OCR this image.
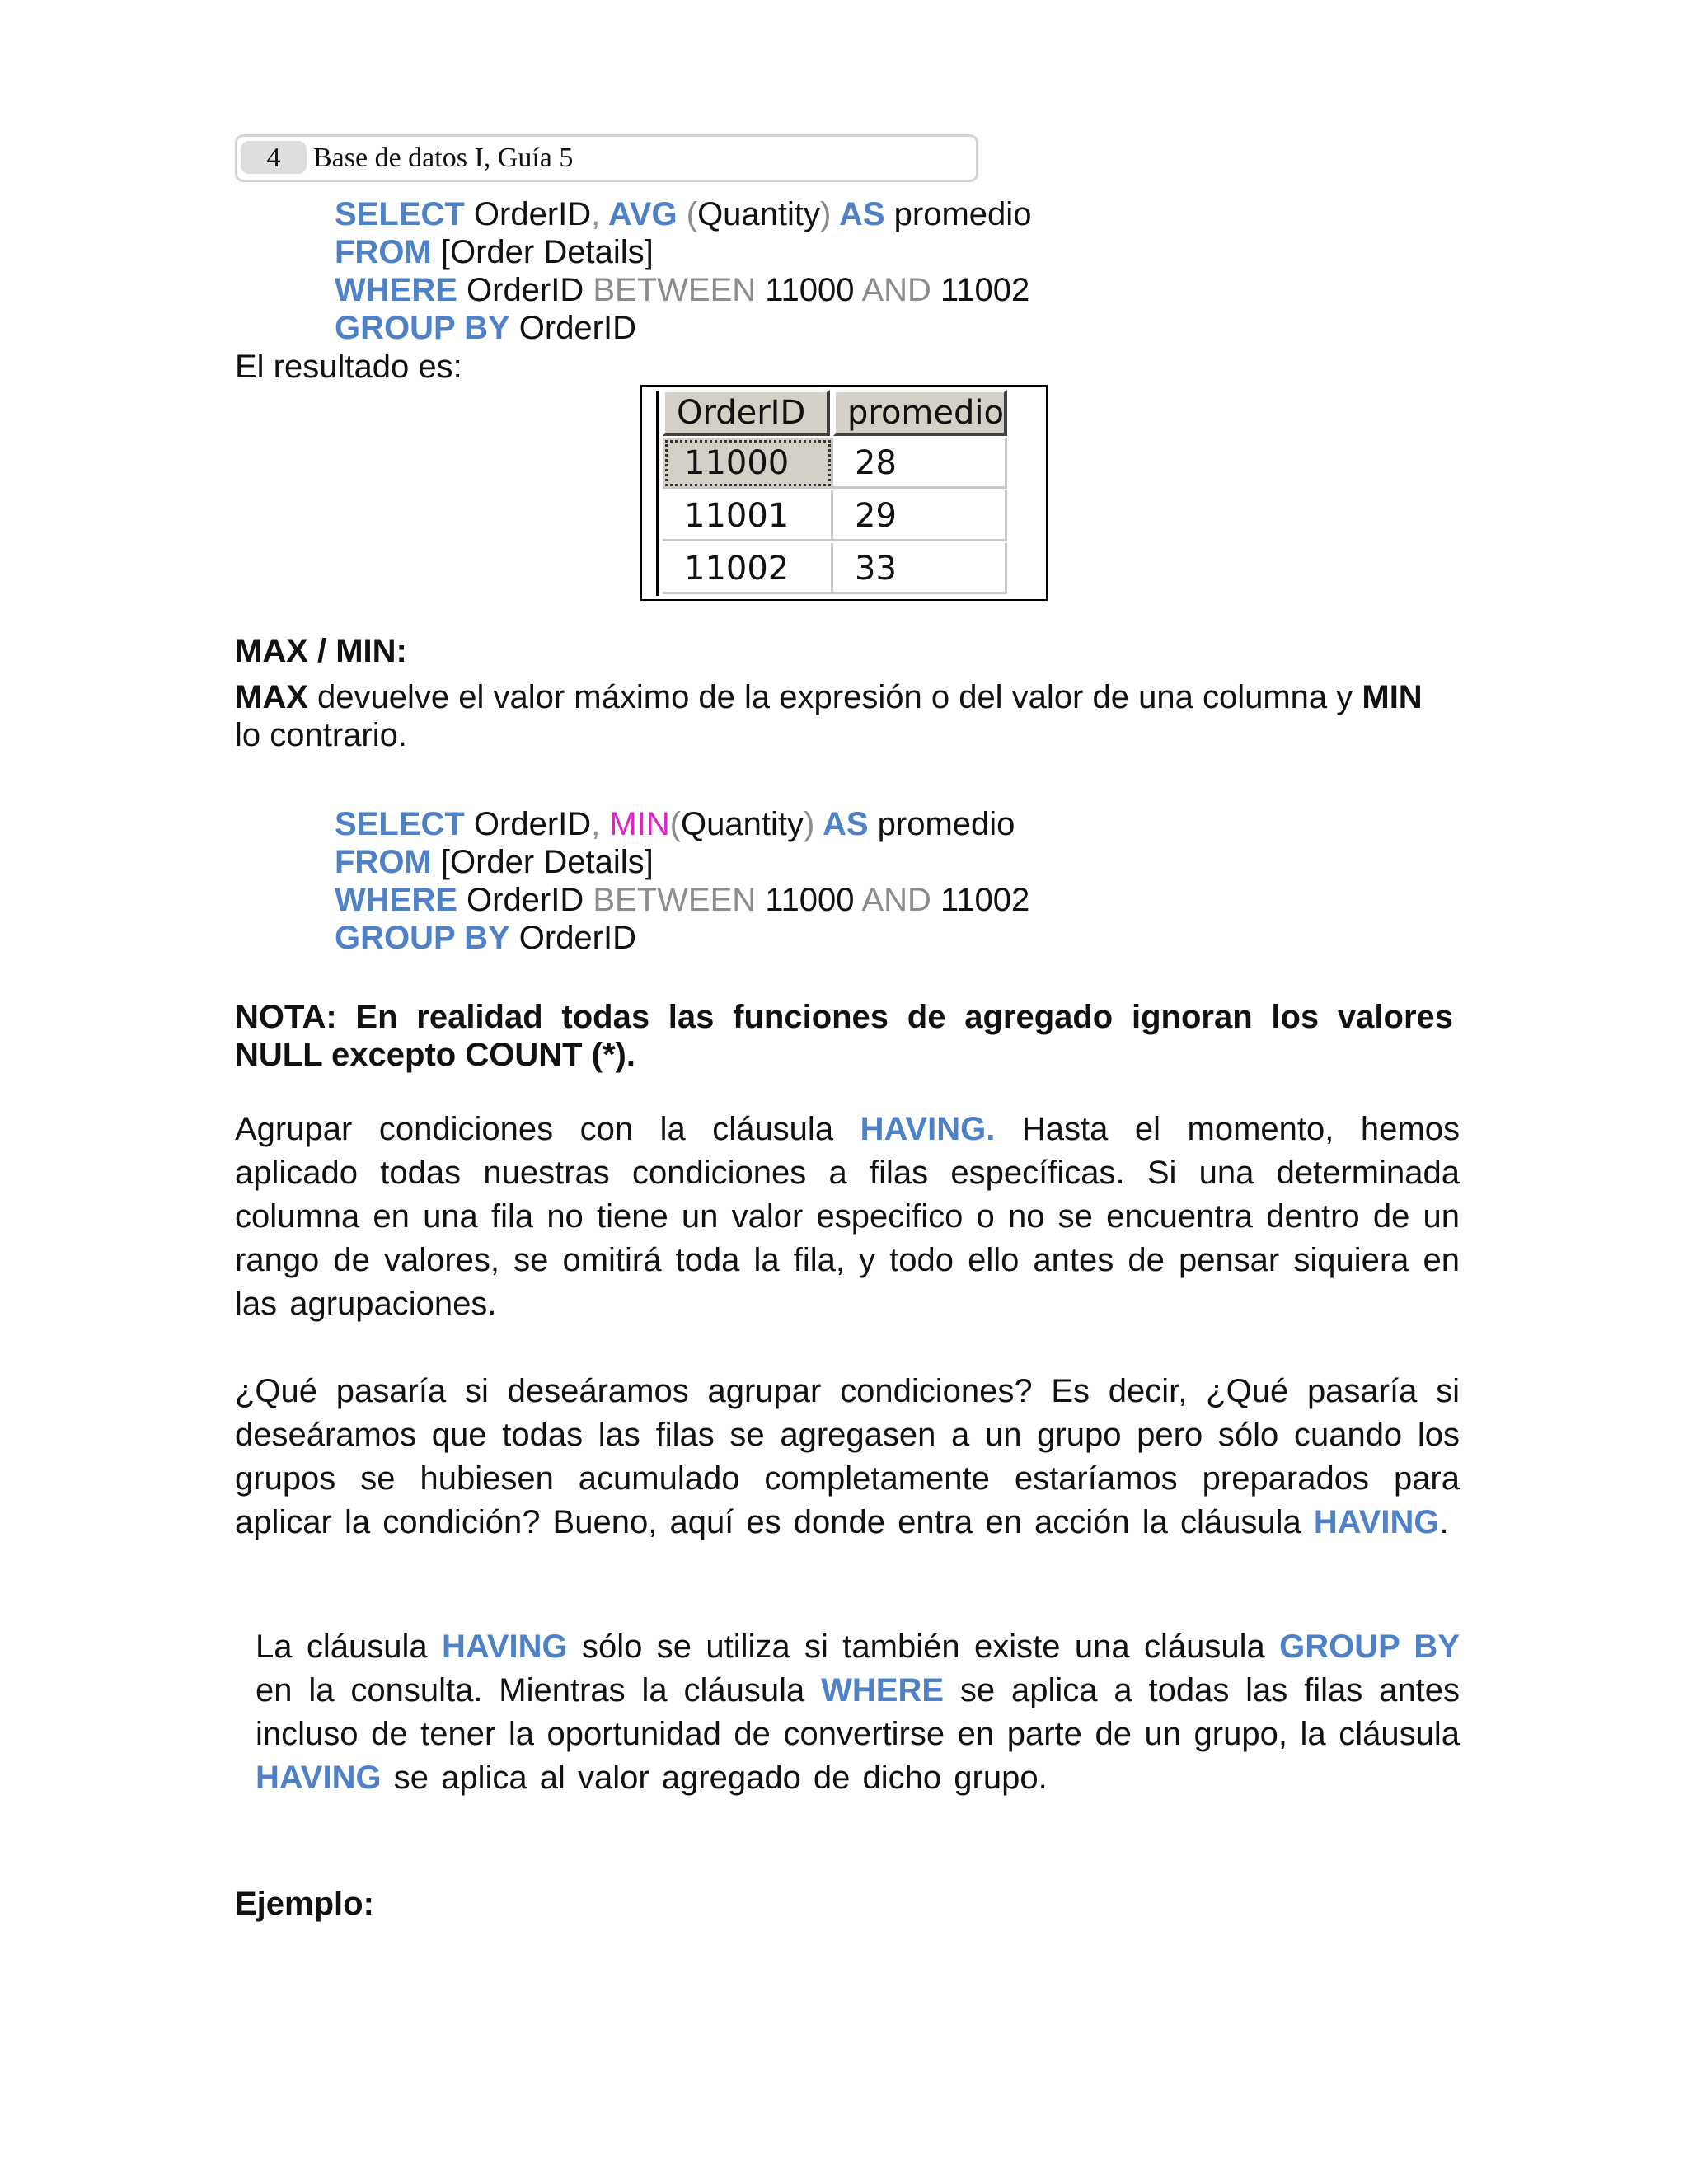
4	Base de datos I, Guía 5
SELECT OrderID, AVG (Quantity) AS promedio
FROM [Order Details]
WHERE OrderID BETWEEN 11000 AND 11002
GROUP BY OrderID
El resultado es:
OrderID	promedio
11000	28
11001	29
11002	33
MAX / MIN:
MAX devuelve el valor máximo de la expresión o del valor de una columna y MIN
lo contrario.
SELECT OrderID, MIN(Quantity) AS promedio
FROM [Order Details]
WHERE OrderID BETWEEN 11000 AND 11002
GROUP BY OrderID
NOTA: En realidad todas las funciones de agregado ignoran los valores
NULL excepto COUNT (*).
Agrupar condiciones con la cláusula HAVING. Hasta el momento, hemos aplicado todas nuestras condiciones a filas específicas. Si una determinada columna en una fila no tiene un valor especifico o no se encuentra dentro de un rango de valores, se omitirá toda la fila, y todo ello antes de pensar siquiera en las agrupaciones.
¿Qué pasaría si deseáramos agrupar condiciones? Es decir, ¿Qué pasaría si deseáramos que todas las filas se agregasen a un grupo pero sólo cuando los grupos se hubiesen acumulado completamente estaríamos preparados para aplicar la condición? Bueno, aquí es donde entra en acción la cláusula HAVING.
La cláusula HAVING sólo se utiliza si también existe una cláusula GROUP BY en la consulta. Mientras la cláusula WHERE se aplica a todas las filas antes incluso de tener la oportunidad de convertirse en parte de un grupo, la cláusula HAVING se aplica al valor agregado de dicho grupo.
Ejemplo:
